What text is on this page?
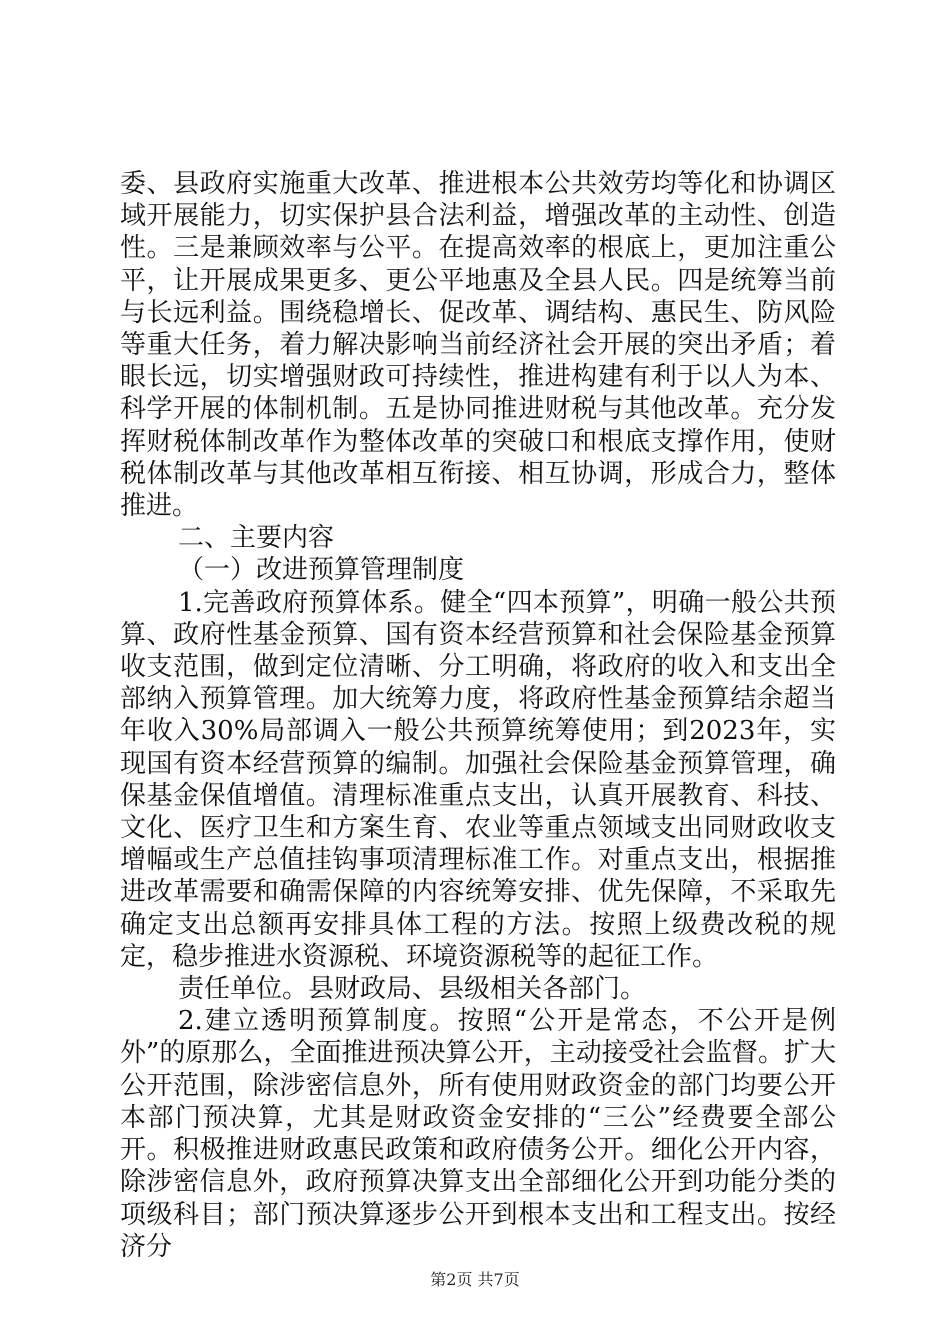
委、县政府实施重大改革、推进根本公共效劳均等化和协调区域开展能力，切实保护县合法利益，增强改革的主动性、创造性。三是兼顾效率与公平。在提高效率的根底上，更加注重公平，让开展成果更多、更公平地惠及全县人民。四是统筹当前与长远利益。围绕稳增长、促改革、调结构、惠民生、防风险等重大任务，着力解决影响当前经济社会开展的突出矛盾；着眼长远，切实增强财政可持续性，推进构建有利于以人为本、科学开展的体制机制。五是协同推进财税与其他改革。充分发挥财税体制改革作为整体改革的突破口和根底支撑作用，使财税体制改革与其他改革相互衔接、相互协调，形成合力，整体推进。

二、主要内容

（一）改进预算管理制度

1.完善政府预算体系。健全“四本预算”，明确一般公共预算、政府性基金预算、国有资本经营预算和社会保险基金预算收支范围，做到定位清晰、分工明确，将政府的收入和支出全部纳入预算管理。加大统筹力度，将政府性基金预算结余超当年收入30%局部调入一般公共预算统筹使用；到2023年，实现国有资本经营预算的编制。加强社会保险基金预算管理，确保基金保值增值。清理标准重点支出，认真开展教育、科技、文化、医疗卫生和方案生育、农业等重点领域支出同财政收支增幅或生产总值挂钩事项清理标准工作。对重点支出，根据推进改革需要和确需保障的内容统筹安排、优先保障，不采取先确定支出总额再安排具体工程的方法。按照上级费改税的规定，稳步推进水资源税、环境资源税等的起征工作。

责任单位。县财政局、县级相关各部门。

2.建立透明预算制度。按照“公开是常态，不公开是例外”的原那么，全面推进预决算公开，主动接受社会监督。扩大公开范围，除涉密信息外，所有使用财政资金的部门均要公开本部门预决算，尤其是财政资金安排的“三公”经费要全部公开。积极推进财政惠民政策和政府债务公开。细化公开内容，除涉密信息外，政府预算决算支出全部细化公开到功能分类的项级科目；部门预决算逐步公开到根本支出和工程支出。按经济分

第2页 共7页
